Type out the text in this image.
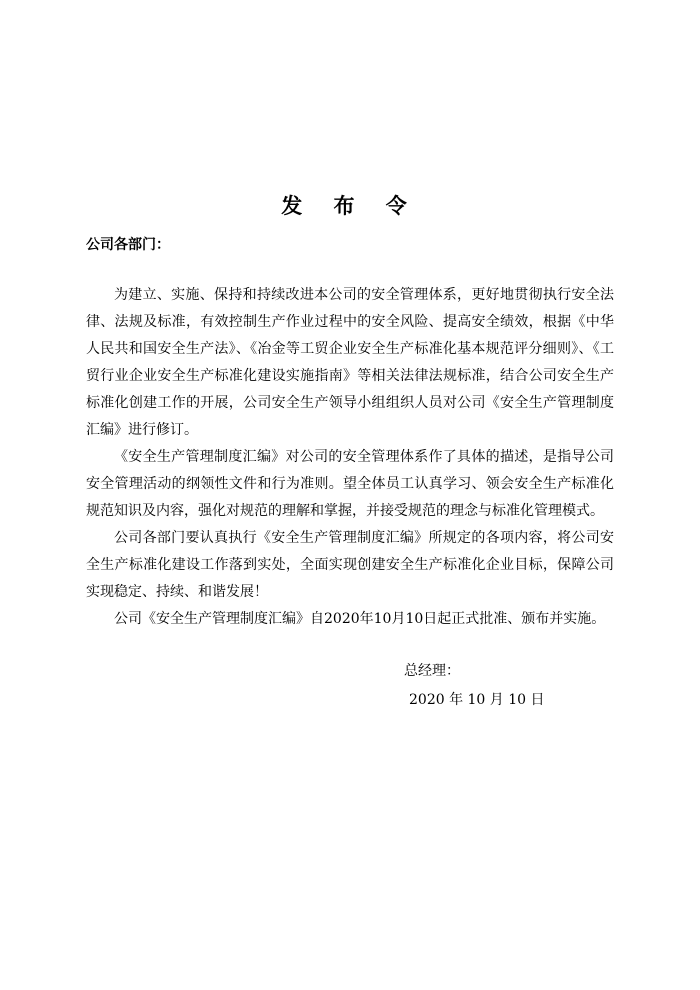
发 布 令
公司各部门：

为建立、实施、保持和持续改进本公司的安全管理体系，更好地贯彻执行安全法律、法规及标准，有效控制生产作业过程中的安全风险、提高安全绩效，根据《中华人民共和国安全生产法》、《冶金等工贸企业安全生产标准化基本规范评分细则》、《工贸行业企业安全生产标准化建设实施指南》等相关法律法规标准，结合公司安全生产标准化创建工作的开展，公司安全生产领导小组组织人员对公司《安全生产管理制度汇编》进行修订。

《安全生产管理制度汇编》对公司的安全管理体系作了具体的描述，是指导公司安全管理活动的纲领性文件和行为准则。望全体员工认真学习、领会安全生产标准化规范知识及内容，强化对规范的理解和掌握，并接受规范的理念与标准化管理模式。

公司各部门要认真执行《安全生产管理制度汇编》所规定的各项内容，将公司安全生产标准化建设工作落到实处，全面实现创建安全生产标准化企业目标，保障公司实现稳定、持续、和谐发展！

公司《安全生产管理制度汇编》自2020年10月10日起正式批准、颁布并实施。

总经理：
2020 年 10 月 10 日
